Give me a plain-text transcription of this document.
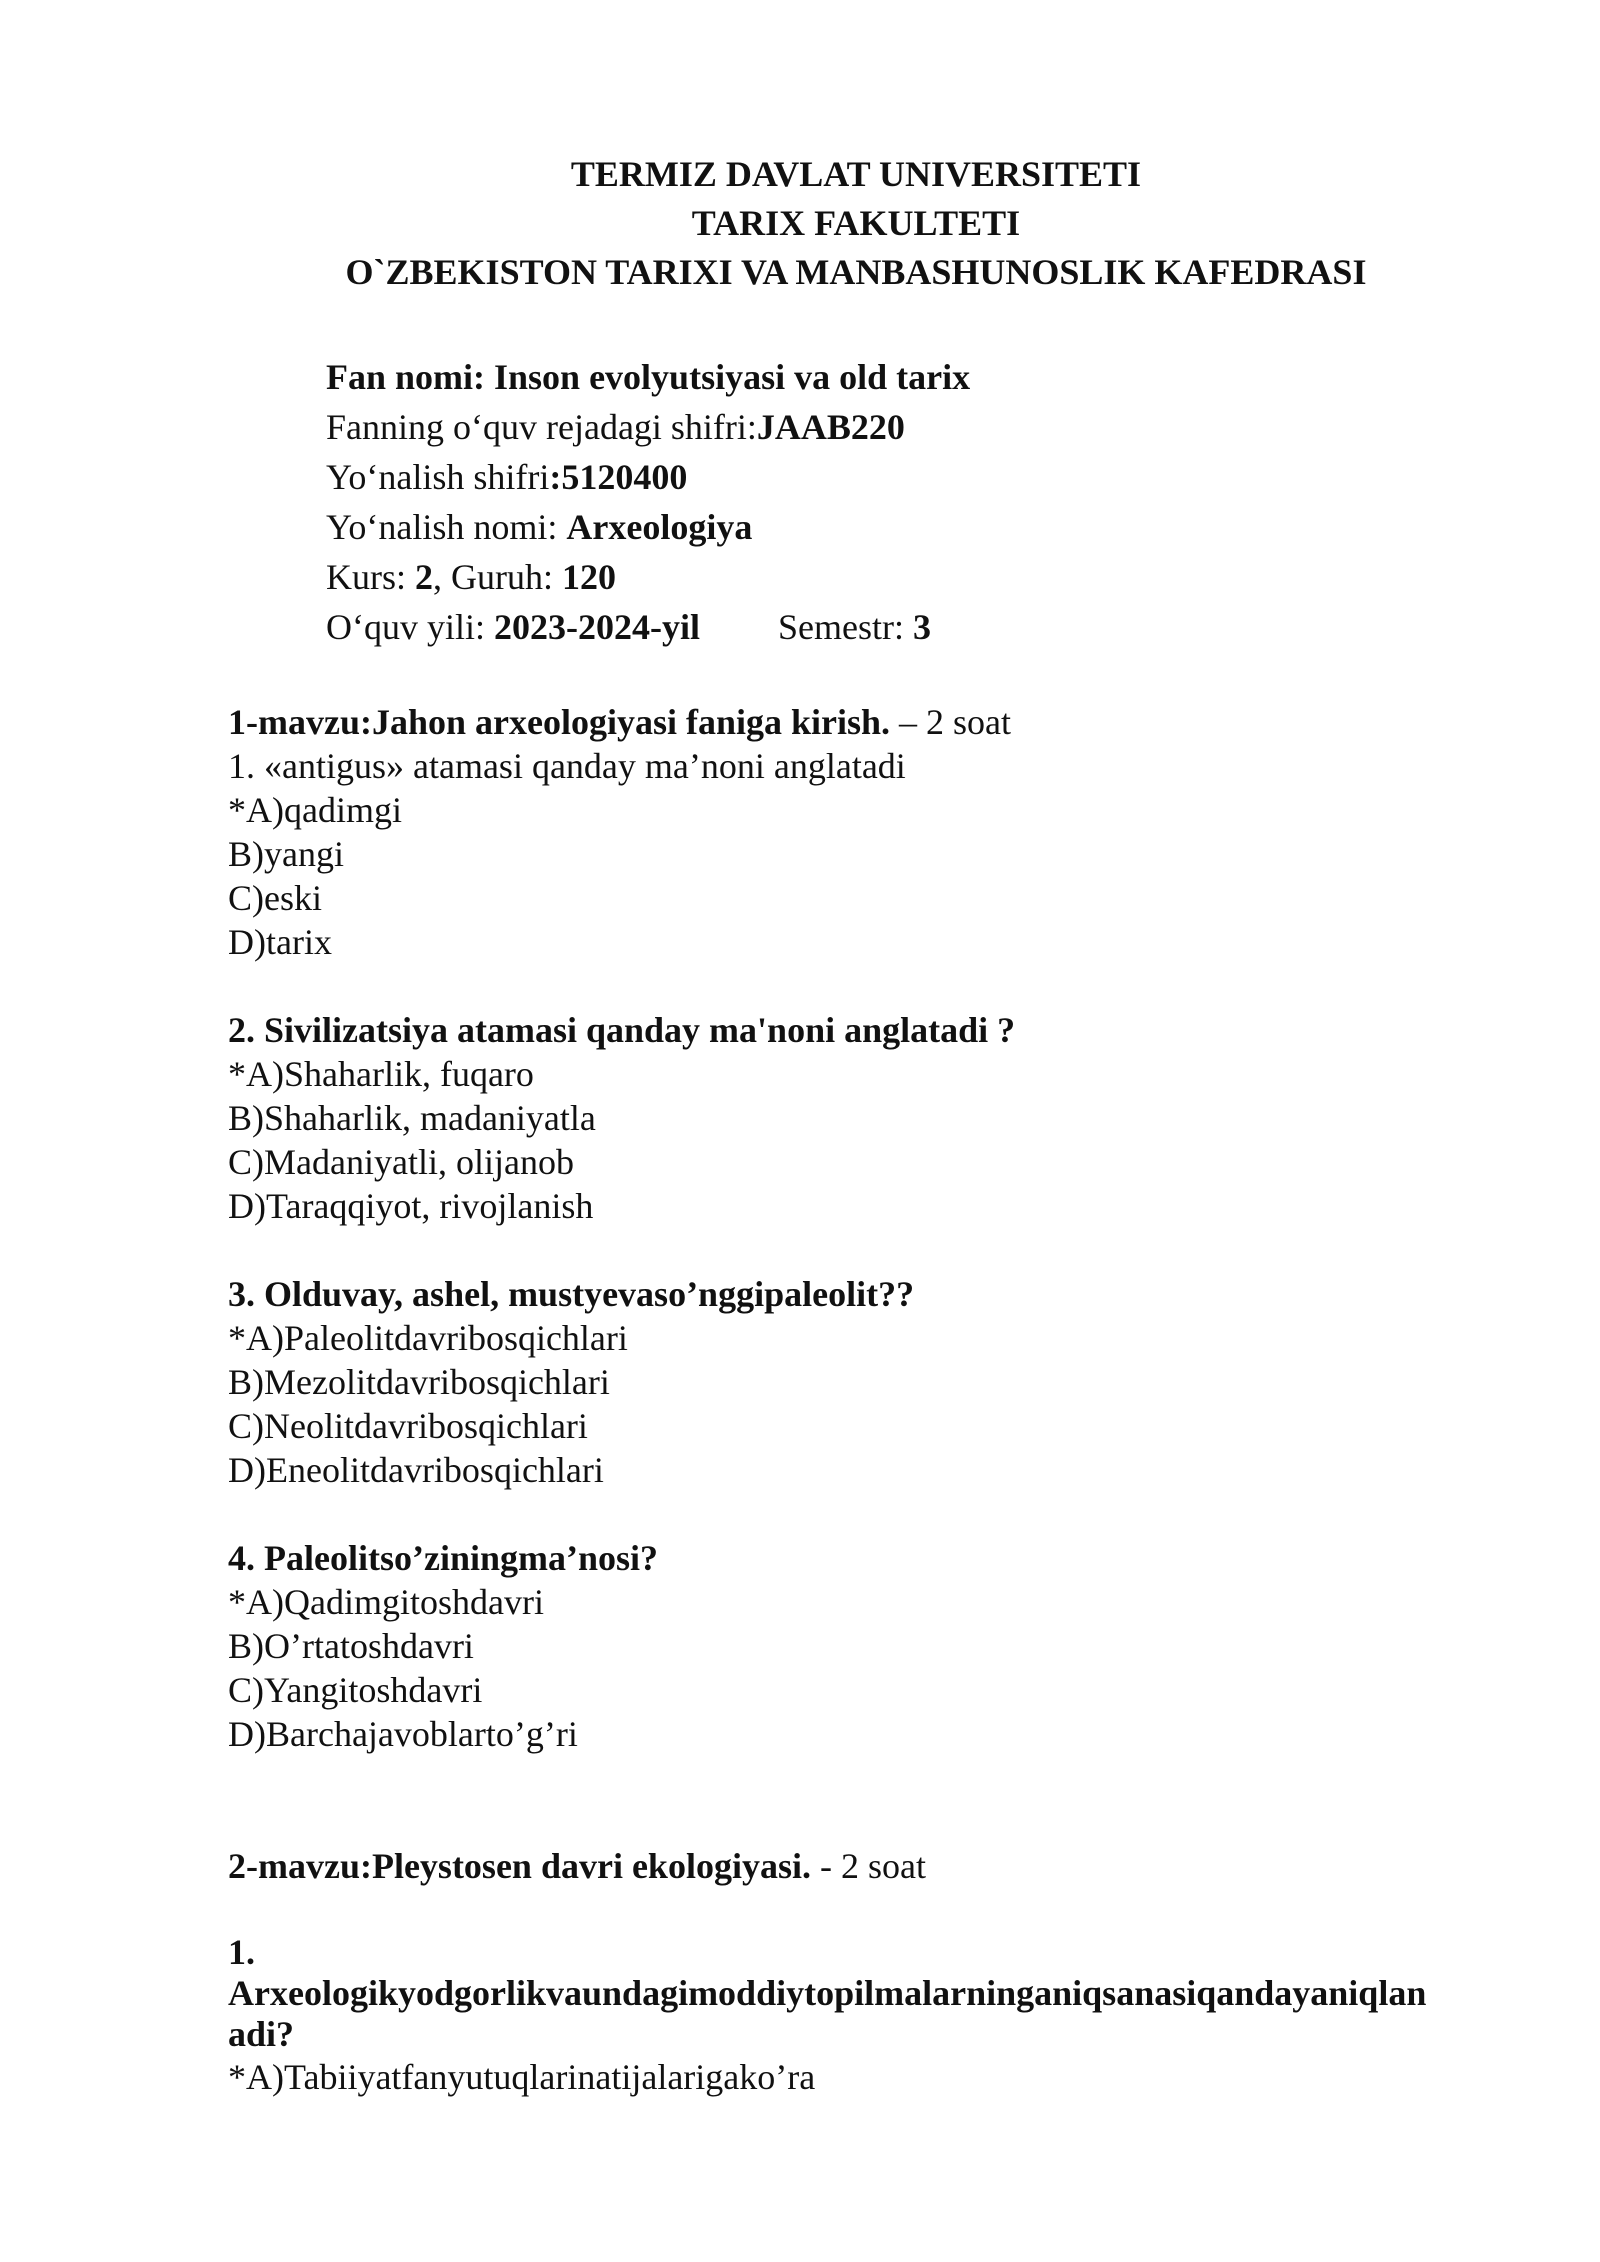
TERMIZ DAVLAT UNIVERSITETI
TARIX FAKULTETI
O`ZBEKISTON TARIXI VA MANBASHUNOSLIK KAFEDRASI
Fan nomi: Inson evolyutsiyasi va old tarix
Fanning o‘quv rejadagi shifri:JAAB220
Yo‘nalish shifri:5120400
Yo‘nalish nomi: Arxeologiya
Kurs: 2, Guruh: 120
O‘quv yili: 2023-2024-yil Semestr: 3
1-mavzu:Jahon arxeologiyasi faniga kirish. – 2 soat
1. «antigus» atamasi qanday ma’noni anglatadi
*A)qadimgi
B)yangi
C)eski
D)tarix
2. Sivilizatsiya atamasi qanday ma'noni anglatadi ?
*A)Shaharlik, fuqaro
B)Shaharlik, madaniyatla
C)Madaniyatli, olijanob
D)Taraqqiyot, rivojlanish
3. Olduvay, ashel, mustyevaso’nggipaleolit??
*A)Paleolitdavribosqichlari
B)Mezolitdavribosqichlari
C)Neolitdavribosqichlari
D)Eneolitdavribosqichlari
4. Paleolitso’ziningma’nosi?
*A)Qadimgitoshdavri
B)O’rtatoshdavri
C)Yangitoshdavri
D)Barchajavoblarto’g’ri
2-mavzu:Pleystosen davri ekologiyasi. - 2 soat
1.
Arxeologikyodgorlikvaundagimoddiytopilmalarninganiqsanasiqandayaniqlan
adi?
*A)Tabiiyatfanyutuqlarinatijalarigako’ra
